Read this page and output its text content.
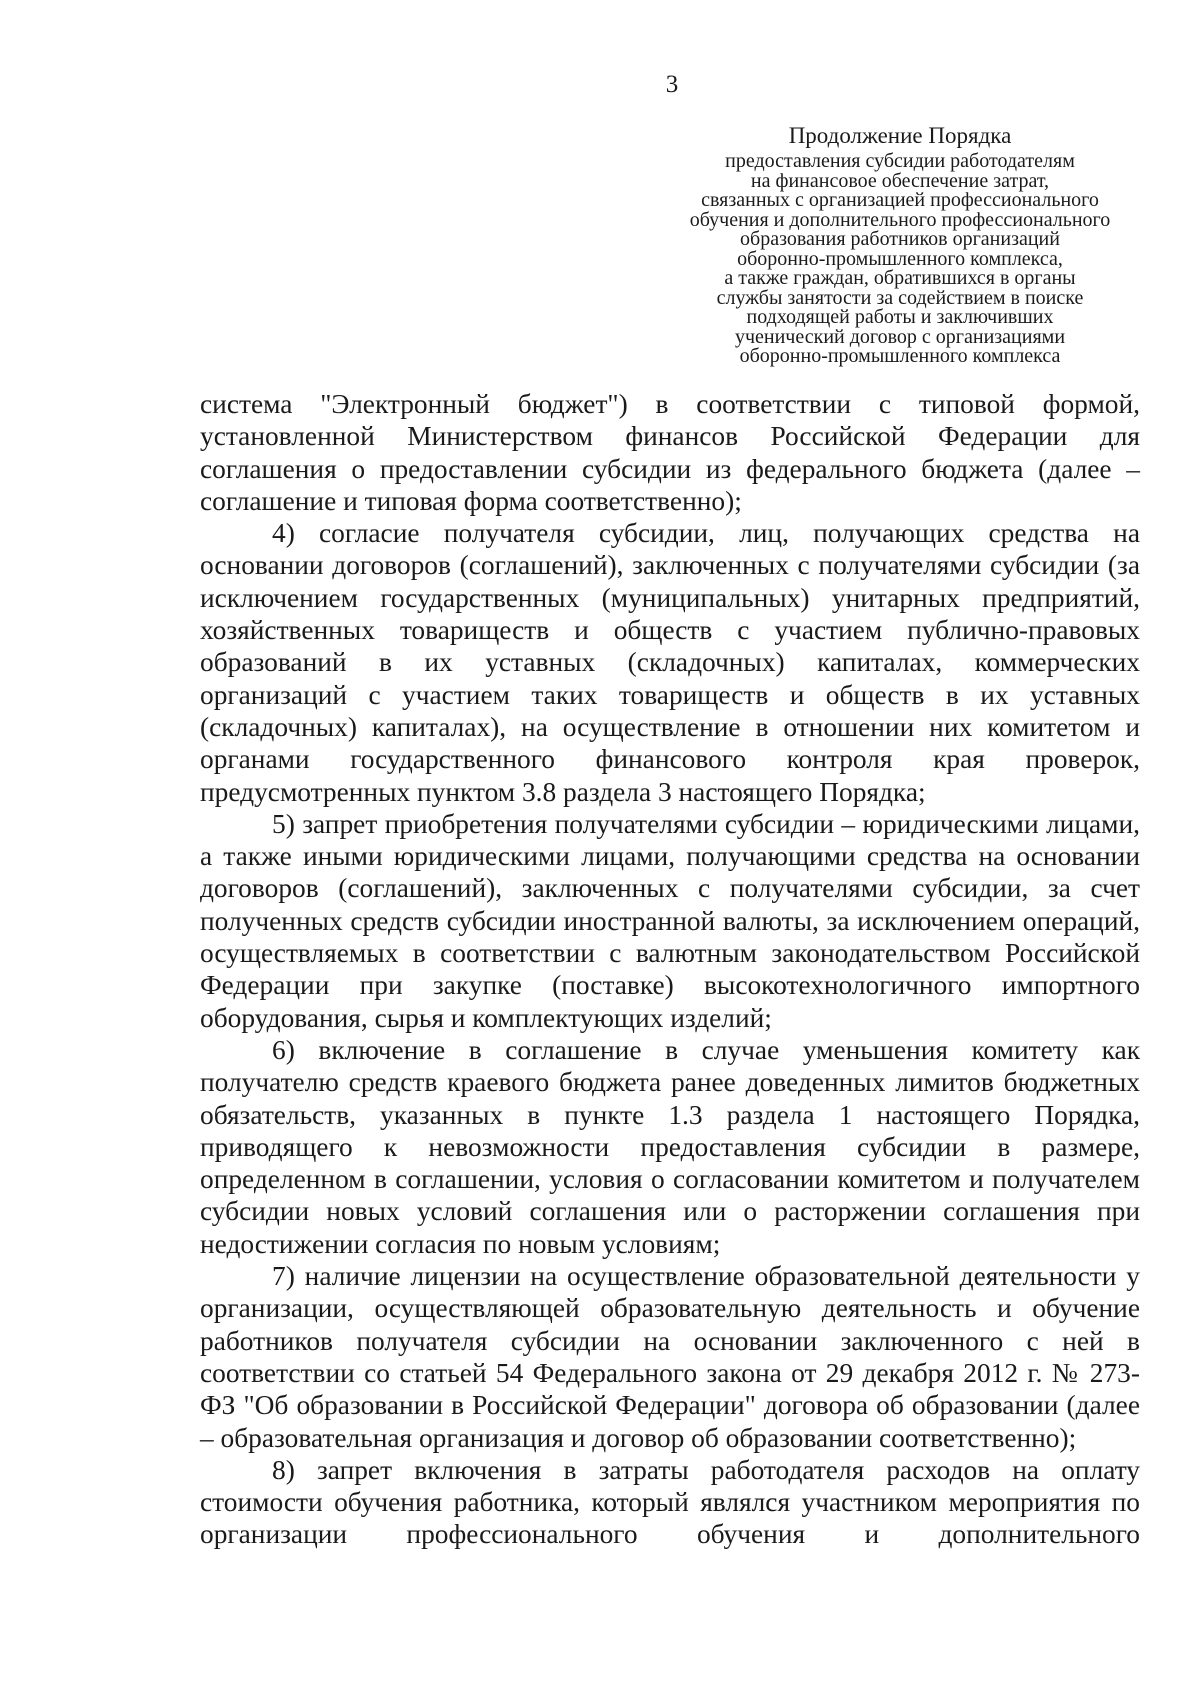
3
Продолжение Порядка
предоставления субсидии работодателям
на финансовое обеспечение затрат,
связанных с организацией профессионального
обучения и дополнительного профессионального
образования работников организаций
оборонно-промышленного комплекса,
а также граждан, обратившихся в органы
службы занятости за содействием в поиске
подходящей работы и заключивших
ученический договор с организациями
оборонно-промышленного комплекса

система "Электронный бюджет") в соответствии с типовой формой, установленной Министерством финансов Российской Федерации для соглашения о предоставлении субсидии из федерального бюджета (далее – соглашение и типовая форма соответственно);

4) согласие получателя субсидии, лиц, получающих средства на основании договоров (соглашений), заключенных с получателями субсидии (за исключением государственных (муниципальных) унитарных предприятий, хозяйственных товариществ и обществ с участием публично-правовых образований в их уставных (складочных) капиталах, коммерческих организаций с участием таких товариществ и обществ в их уставных (складочных) капиталах), на осуществление в отношении них комитетом и органами государственного финансового контроля края проверок, предусмотренных пунктом 3.8 раздела 3 настоящего Порядка;

5) запрет приобретения получателями субсидии – юридическими лицами, а также иными юридическими лицами, получающими средства на основании договоров (соглашений), заключенных с получателями субсидии, за счет полученных средств субсидии иностранной валюты, за исключением операций, осуществляемых в соответствии с валютным законодательством Российской Федерации при закупке (поставке) высокотехнологичного импортного оборудования, сырья и комплектующих изделий;

6) включение в соглашение в случае уменьшения комитету как получателю средств краевого бюджета ранее доведенных лимитов бюджетных обязательств, указанных в пункте 1.3 раздела 1 настоящего Порядка, приводящего к невозможности предоставления субсидии в размере, определенном в соглашении, условия о согласовании комитетом и получателем субсидии новых условий соглашения или о расторжении соглашения при недостижении согласия по новым условиям;

7) наличие лицензии на осуществление образовательной деятельности у организации, осуществляющей образовательную деятельность и обучение работников получателя субсидии на основании заключенного с ней в соответствии со статьей 54 Федерального закона от 29 декабря 2012 г. № 273-ФЗ "Об образовании в Российской Федерации" договора об образовании (далее – образовательная организация и договор об образовании соответственно);

8) запрет включения в затраты работодателя расходов на оплату стоимости обучения работника, который являлся участником мероприятия по организации профессионального обучения и дополнительного
